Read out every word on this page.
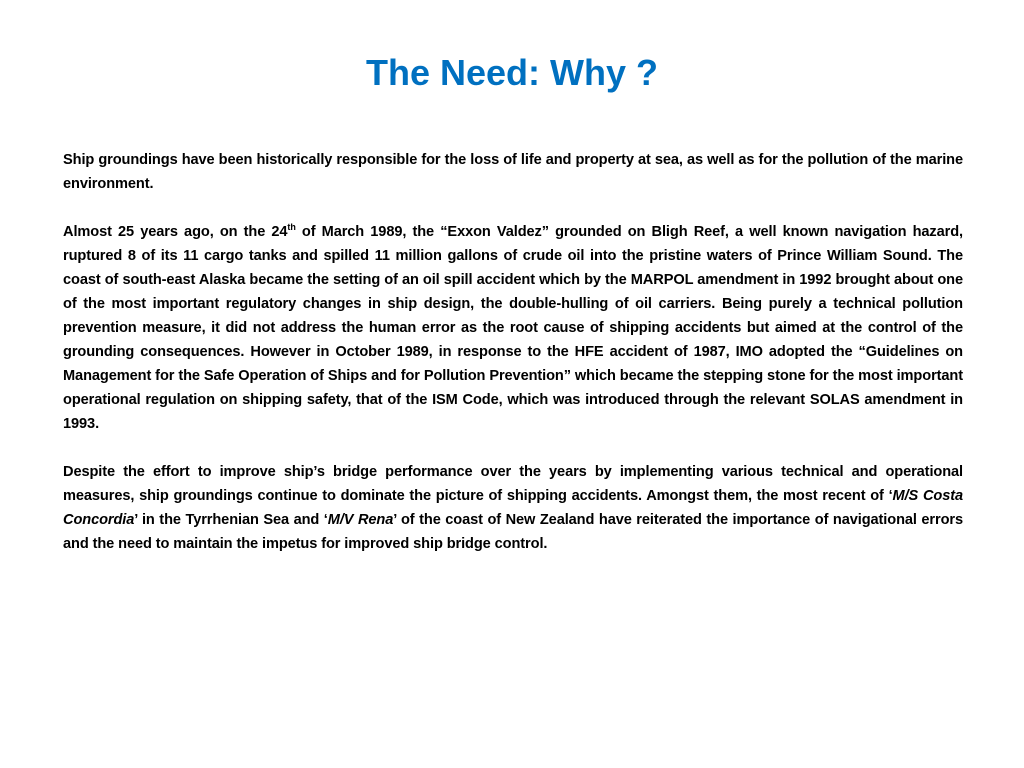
The Need: Why ?

Ship groundings have been historically responsible for the loss of life and property at sea, as well as for the pollution of the marine environment.

Almost 25 years ago, on the 24th of March 1989, the “Exxon Valdez” grounded on Bligh Reef, a well known navigation hazard, ruptured 8 of its 11 cargo tanks and spilled 11 million gallons of crude oil into the pristine waters of Prince William Sound. The coast of south-east Alaska became the setting of an oil spill accident which by the MARPOL amendment in 1992 brought about one of the most important regulatory changes in ship design, the double-hulling of oil carriers. Being purely a technical pollution prevention measure, it did not address the human error as the root cause of shipping accidents but aimed at the control of the grounding consequences. However in October 1989, in response to the HFE accident of 1987, IMO adopted the “Guidelines on Management for the Safe Operation of Ships and for Pollution Prevention” which became the stepping stone for the most important operational regulation on shipping safety, that of the ISM Code, which was introduced through the relevant SOLAS amendment in 1993.

Despite the effort to improve ship’s bridge performance over the years by implementing various technical and operational measures, ship groundings continue to dominate the picture of shipping accidents. Amongst them, the most recent of ‘M/S Costa Concordia’ in the Tyrrhenian Sea and ‘M/V Rena’ of the coast of New Zealand have reiterated the importance of navigational errors and the need to maintain the impetus for improved ship bridge control.
